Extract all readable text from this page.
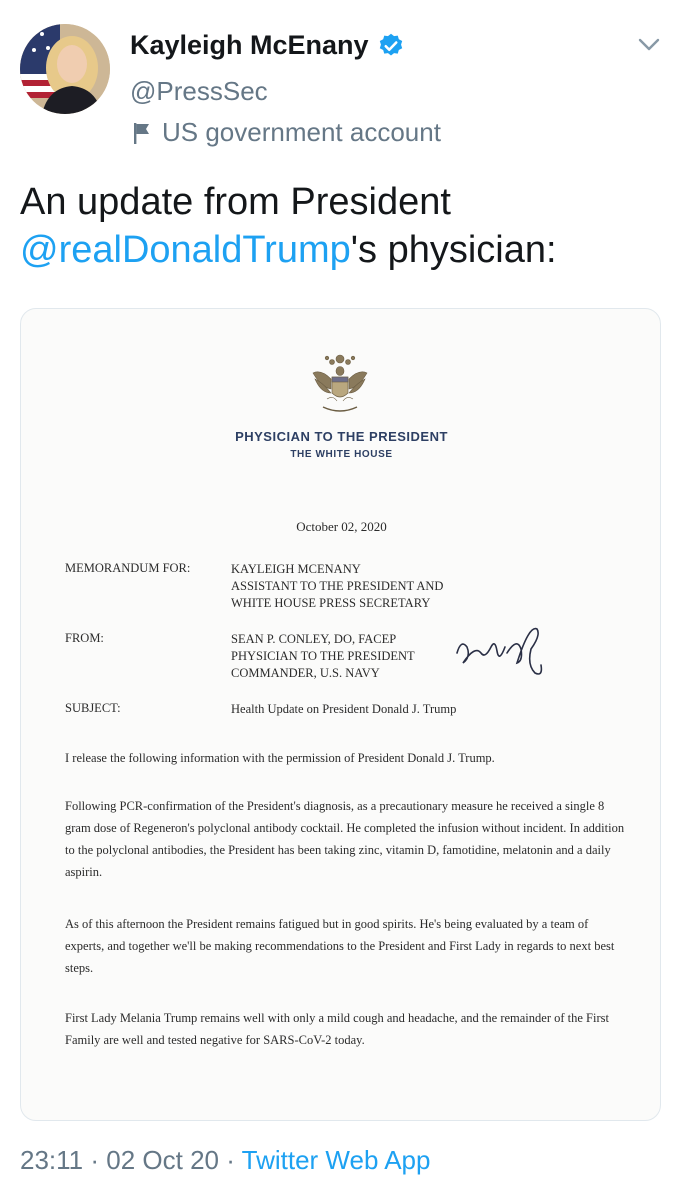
Kayleigh McEnany
@PressSec
US government account
An update from President
@realDonaldTrump's physician:
PHYSICIAN TO THE PRESIDENT
THE WHITE HOUSE
October 02, 2020
MEMORANDUM FOR:	KAYLEIGH MCENANY
ASSISTANT TO THE PRESIDENT AND
WHITE HOUSE PRESS SECRETARY
FROM:	SEAN P. CONLEY, DO, FACEP
PHYSICIAN TO THE PRESIDENT
COMMANDER, U.S. NAVY
SUBJECT:	Health Update on President Donald J. Trump
I release the following information with the permission of President Donald J. Trump.
Following PCR-confirmation of the President's diagnosis, as a precautionary measure he received a single 8 gram dose of Regeneron's polyclonal antibody cocktail. He completed the infusion without incident. In addition to the polyclonal antibodies, the President has been taking zinc, vitamin D, famotidine, melatonin and a daily aspirin.
As of this afternoon the President remains fatigued but in good spirits. He's being evaluated by a team of experts, and together we'll be making recommendations to the President and First Lady in regards to next best steps.
First Lady Melania Trump remains well with only a mild cough and headache, and the remainder of the First Family are well and tested negative for SARS-CoV-2 today.
23:11 · 02 Oct 20 · Twitter Web App
